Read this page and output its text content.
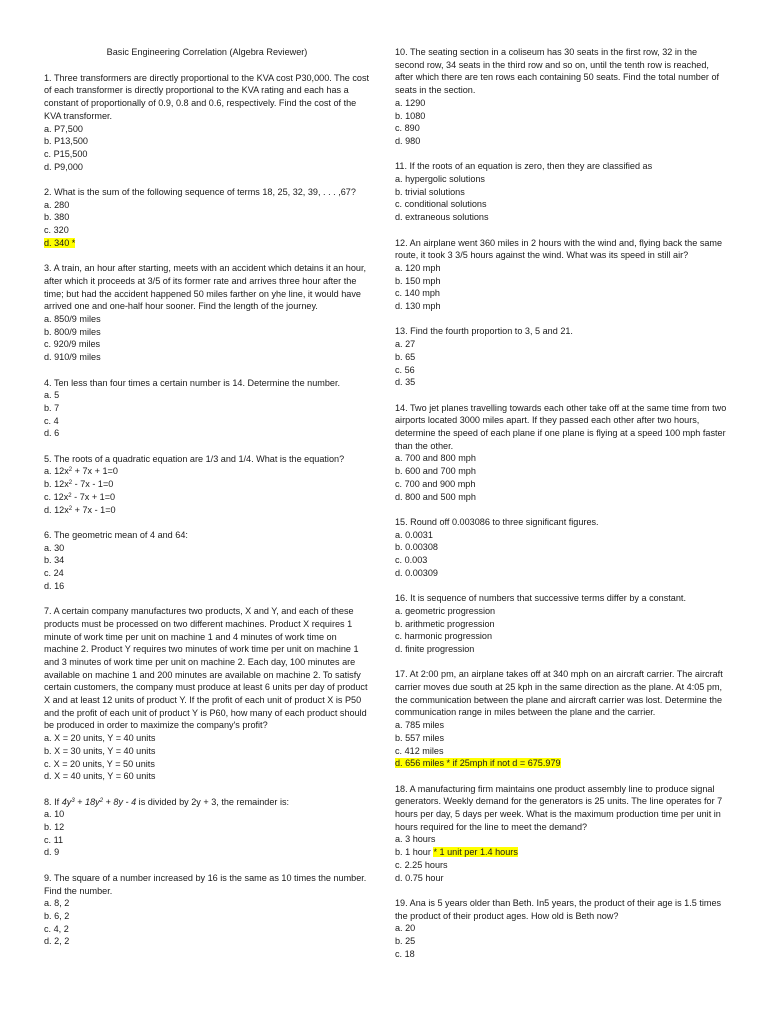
Basic Engineering Correlation (Algebra Reviewer)

1. Three transformers are directly proportional to the KVA cost P30,000. The cost of each transformer is directly proportional to the KVA rating and each has a constant of proportionally of 0.9, 0.8 and 0.6, respectively. Find the cost of the KVA transformer.

a. P7,500
b. P13,500
c. P15,500
d. P9,000

2. What is the sum of the following sequence of terms 18, 25, 32, 39, . . . ,67?

a. 280
b. 380
c. 320
d. 340 *

3. A train, an hour after starting, meets with an accident which detains it an hour, after which it proceeds at 3/5 of its former rate and arrives three hour after the time; but had the accident happened 50 miles farther on yhe line, it would have arrived one and one-half hour sooner. Find the length of the journey.

a. 850/9 miles
b. 800/9 miles
c. 920/9 miles
d. 910/9 miles

4. Ten less than four times a certain number is 14. Determine the number.

a. 5
b. 7
c. 4
d. 6

5. The roots of a quadratic equation are 1/3 and 1/4. What is the equation?

a. $12x^2 + 7x + 1=0$
b. $12x^2 - 7x - 1=0$
c. $12x^2 - 7x + 1=0$
d. $12x^2 + 7x - 1=0$

6. The geometric mean of 4 and 64:

a. 30
b. 34
c. 24
d. 16

7. A certain company manufactures two products, X and Y, and each of these products must be processed on two different machines. Product X requires 1 minute of work time per unit on machine 1 and 4 minutes of work time on machine 2. Product Y requires two minutes of work time per unit on machine 1 and 3 minutes of work time per unit on machine 2. Each day, 100 minutes are available on machine 1 and 200 minutes are available on machine 2. To satisfy certain customers, the company must produce at least 6 units per day of product X and at least 12 units of product Y. If the profit of each unit of product X is P50 and the profit of each unit of product Y is P60, how many of each product should be produced in order to maximize the company's profit?

a. X = 20 units, Y = 40 units
b. X = 30 units, Y = 40 units
c. X = 20 units, Y = 50 units
d. X = 40 units, Y = 60 units

8. If $4y^3 + 18y^2 + 8y - 4$ is divided by 2y + 3, the remainder is:

a. 10
b. 12
c. 11
d. 9

9. The square of a number increased by 16 is the same as 10 times the number. Find the number.

a. 8, 2
b. 6, 2
c. 4, 2
d. 2, 2

10. The seating section in a coliseum has 30 seats in the first row, 32 in the second row, 34 seats in the third row and so on, until the tenth row is reached, after which there are ten rows each containing 50 seats. Find the total number of seats in the section.

a. 1290
b. 1080
c. 890
d. 980

11. If the roots of an equation is zero, then they are classified as

a. hypergolic solutions
b. trivial solutions
c. conditional solutions
d. extraneous solutions

12. An airplane went 360 miles in 2 hours with the wind and, flying back the same route, it took 3 3/5 hours against the wind. What was its speed in still air?

a. 120 mph
b. 150 mph
c. 140 mph
d. 130 mph

13. Find the fourth proportion to 3, 5 and 21.

a. 27
b. 65
c. 56
d. 35

14. Two jet planes travelling towards each other take off at the same time from two airports located 3000 miles apart. If they passed each other after two hours, determine the speed of each plane if one plane is flying at a speed 100 mph faster than the other.

a. 700 and 800 mph
b. 600 and 700 mph
c. 700 and 900 mph
d. 800 and 500 mph

15. Round off 0.003086 to three significant figures.

a. 0.0031
b. 0.00308
c. 0.003
d. 0.00309

16. It is sequence of numbers that successive terms differ by a constant.

a. geometric progression
b. arithmetic progression
c. harmonic progression
d. finite progression

17. At 2:00 pm, an airplane takes off at 340 mph on an aircraft carrier. The aircraft carrier moves due south at 25 kph in the same direction as the plane. At 4:05 pm, the communication between the plane and aircraft carrier was lost. Determine the communication range in miles between the plane and the carrier.

a. 785 miles
b. 557 miles
c. 412 miles
d. 656 miles * if 25mph if not d = 675.979

18. A manufacturing firm maintains one product assembly line to produce signal generators. Weekly demand for the generators is 25 units. The line operates for 7 hours per day, 5 days per week. What is the maximum production time per unit in hours required for the line to meet the demand?

a. 3 hours
b. 1 hour * 1 unit per 1.4 hours
c. 2.25 hours
d. 0.75 hour

19. Ana is 5 years older than Beth. In5 years, the product of their age is 1.5 times the product of their product ages. How old is Beth now?

a. 20
b. 25
c. 18
